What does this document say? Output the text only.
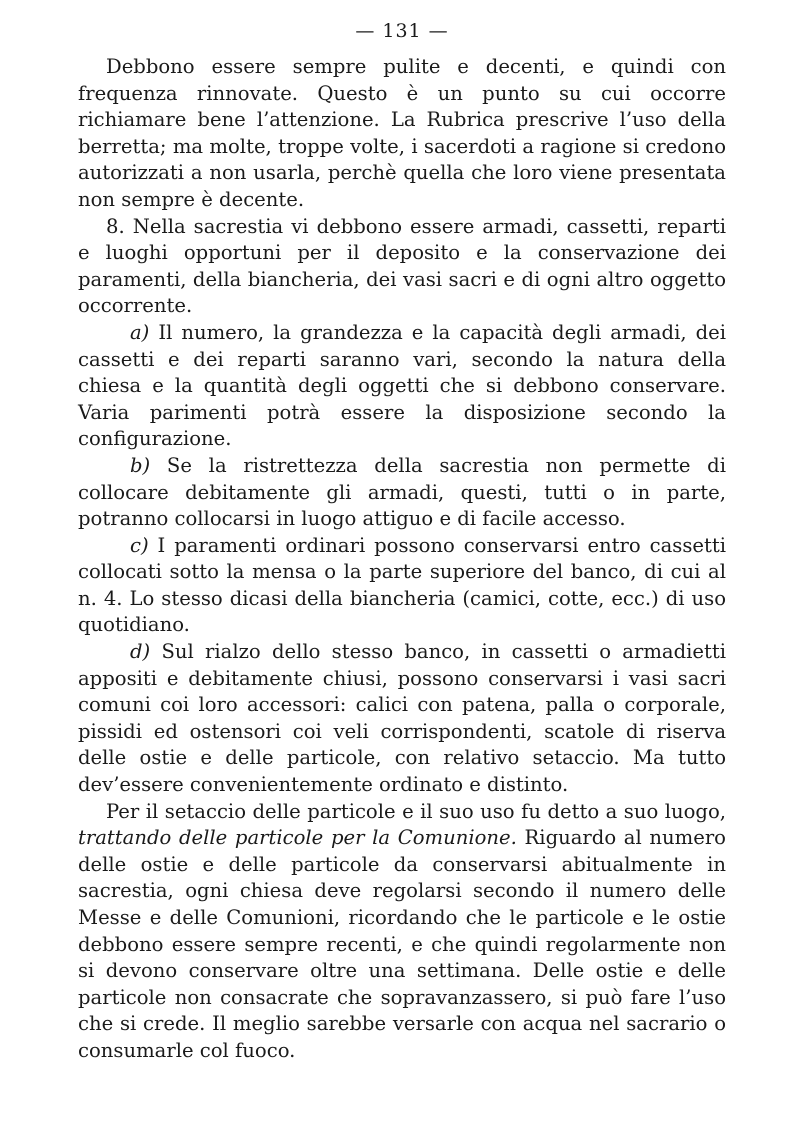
— 131 —

Debbono essere sempre pulite e decenti, e quindi con frequenza rinnovate. Questo è un punto su cui occorre richiamare bene l’attenzione. La Rubrica prescrive l’uso della berretta; ma molte, troppe volte, i sacerdoti a ragione si credono autorizzati a non usarla, perchè quella che loro viene presentata non sempre è decente.

8. Nella sacrestia vi debbono essere armadi, cassetti, reparti e luoghi opportuni per il deposito e la conservazione dei paramenti, della biancheria, dei vasi sacri e di ogni altro oggetto occorrente.

a) Il numero, la grandezza e la capacità degli armadi, dei cassetti e dei reparti saranno vari, secondo la natura della chiesa e la quantità degli oggetti che si debbono conservare. Varia parimenti potrà essere la disposizione secondo la configurazione.

b) Se la ristrettezza della sacrestia non permette di collocare debitamente gli armadi, questi, tutti o in parte, potranno collocarsi in luogo attiguo e di facile accesso.

c) I paramenti ordinari possono conservarsi entro cassetti collocati sotto la mensa o la parte superiore del banco, di cui al n. 4. Lo stesso dicasi della biancheria (camici, cotte, ecc.) di uso quotidiano.

d) Sul rialzo dello stesso banco, in cassetti o armadietti appositi e debitamente chiusi, possono conservarsi i vasi sacri comuni coi loro accessori: calici con patena, palla o corporale, pissidi ed ostensori coi veli corrispondenti, scatole di riserva delle ostie e delle particole, con relativo setaccio. Ma tutto dev’essere convenientemente ordinato e distinto.

Per il setaccio delle particole e il suo uso fu detto a suo luogo, trattando delle particole per la Comunione. Riguardo al numero delle ostie e delle particole da conservarsi abitualmente in sacrestia, ogni chiesa deve regolarsi secondo il numero delle Messe e delle Comunioni, ricordando che le particole e le ostie debbono essere sempre recenti, e che quindi regolarmente non si devono conservare oltre una settimana. Delle ostie e delle particole non consacrate che sopravanzassero, si può fare l’uso che si crede. Il meglio sarebbe versarle con acqua nel sacrario o consumarle col fuoco.
